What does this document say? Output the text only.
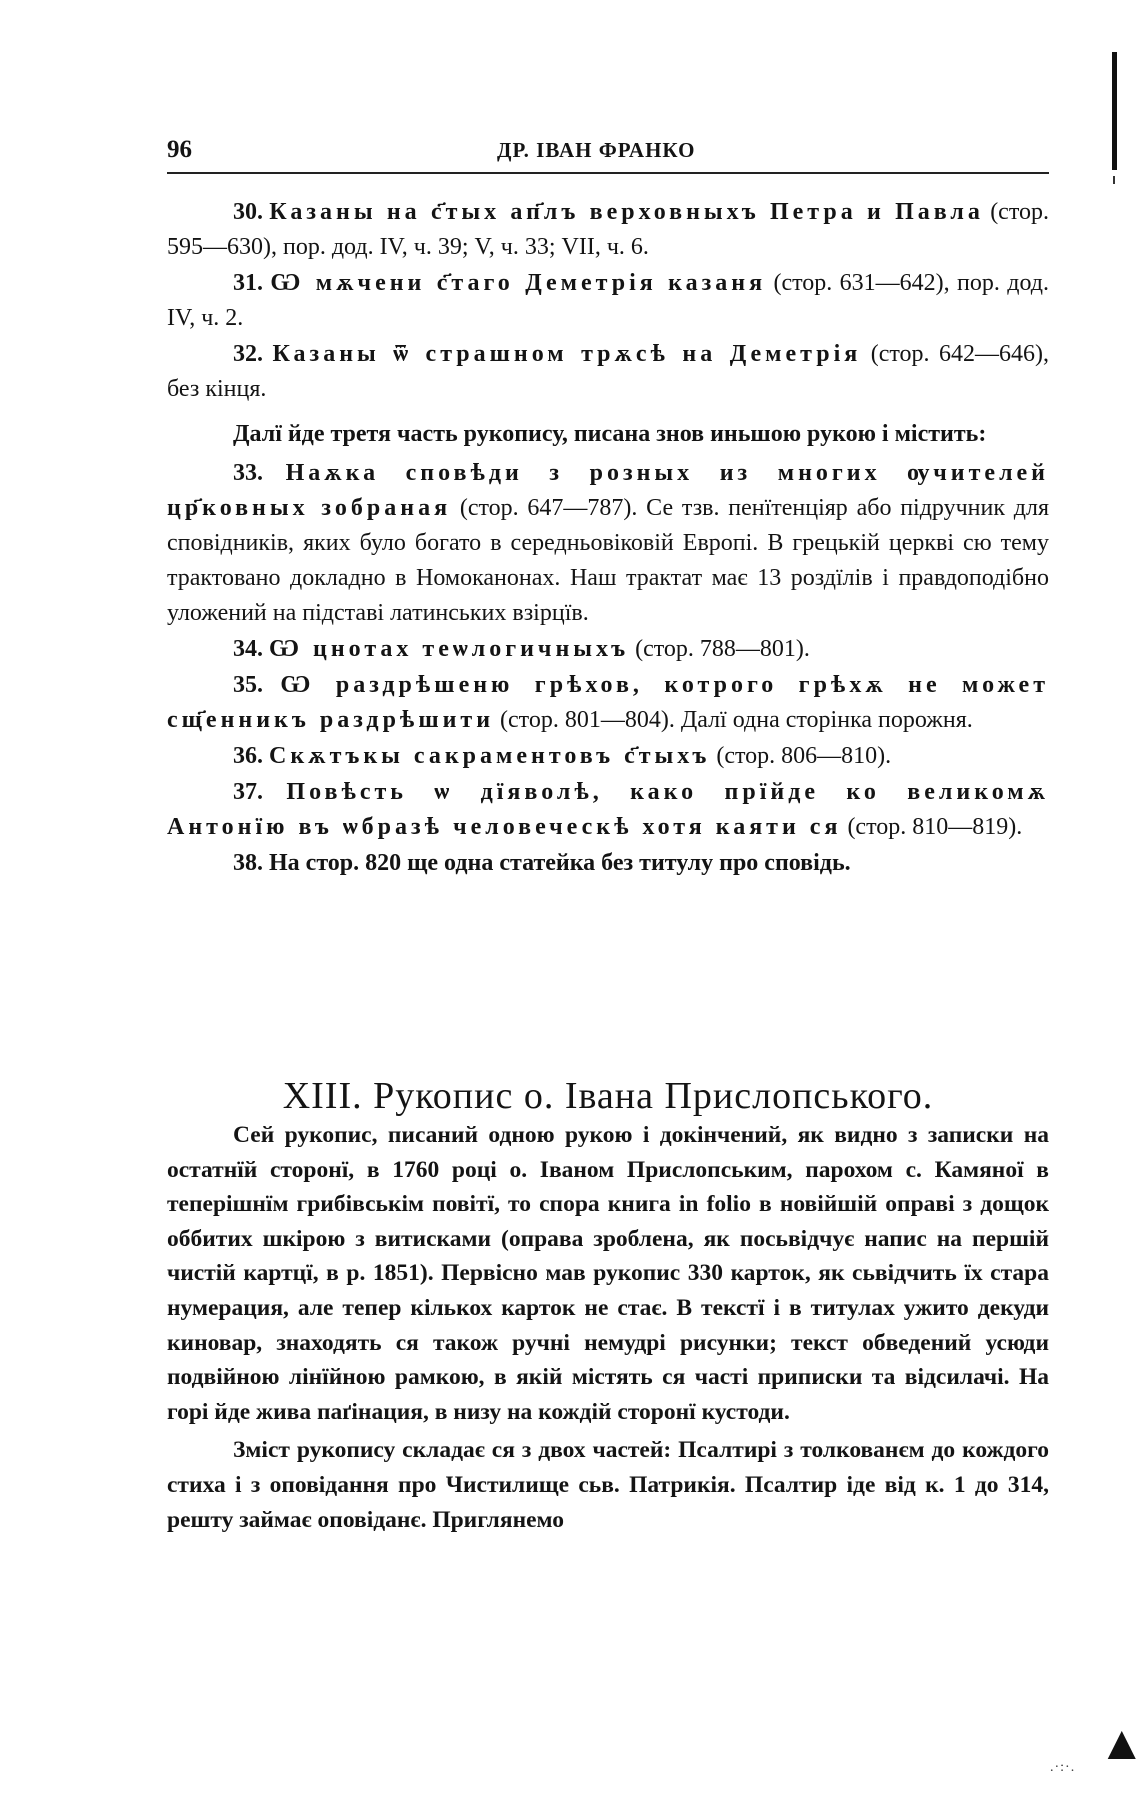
96	ДР. ІВАН ФРАНКО
30. Казаны на с҃тых ап҃лъ верховныхъ Петра и Павла (стор. 595—630), пор. дод. IV, ч. 39; V, ч. 33; VII, ч. 6.
31. Ѡ мѫчени с҃таго Деметрія казаня (стор. 631—642), пор. дод. IV, ч. 2.
32. Казаны ѿ страшном трѫсѣ на Деметрія (стор. 642—646), без кінця.
Далї йде третя часть рукопису, писана знов иньшою рукою і містить:
33. Наѫка сповѣди з розных из многих ѹчителей цр҃ковных зобраная (стор. 647—787). Се тзв. пенїтенціяр або підручник для сповідників, яких було богато в середньовіковій Европі. В грецькій церкві сю тему трактовано докладно в Номоканонах. Наш трактат має 13 роздїлів і правдоподібно уложений на підставі латинських взірцїв.
34. Ѡ цнотах теѡлогичныхъ (стор. 788—801).
35. Ѡ раздрѣшеню грѣхов, котрого грѣхѫ не может сщ҃енникъ раздрѣшити (стор. 801—804). Далї одна сторінка порожня.
36. Скѫтъкы сакраментовъ с҃тыхъ (стор. 806—810).
37. Повѣсть ѡ дїяволѣ, како прїйде ко великомѫ Антонїю въ ѡбразѣ человеческѣ хотя каяти ся (стор. 810—819).
38. На стор. 820 ще одна статейка без титулу про сповідь.
XIII. Рукопис о. Івана Прислопського.

Сей рукопис, писаний одною рукою і докінчений, як видно з записки на остатнїй сторонї, в 1760 році о. Іваном Прислопським, парохом с. Камяної в теперішнїм грибівськім повітї, то спора книга in folio в новійшій оправі з дощок оббитих шкірою з витисками (оправа зроблена, як посьвідчує напис на першій чистій картцї, в р. 1851). Первісно мав рукопис 330 карток, як сьвідчить їх стара нумерация, але тепер кількох карток не стає. В текстї і в титулах ужито декуди киновар, знаходять ся також ручні немудрі рисунки; текст обведений усюди подвійною лінїйною рамкою, в якій містять ся часті приписки та відсилачі. На горі йде жива паґінация, в низу на кождій сторонї кустоди.

Зміст рукопису складає ся з двох частей: Псалтирі з толкованєм до кождого стиха і з оповідання про Чистилище сьв. Патрикія. Псалтир іде від к. 1 до 314, решту займає оповіданє. Приглянемо

.·:·. ▲
